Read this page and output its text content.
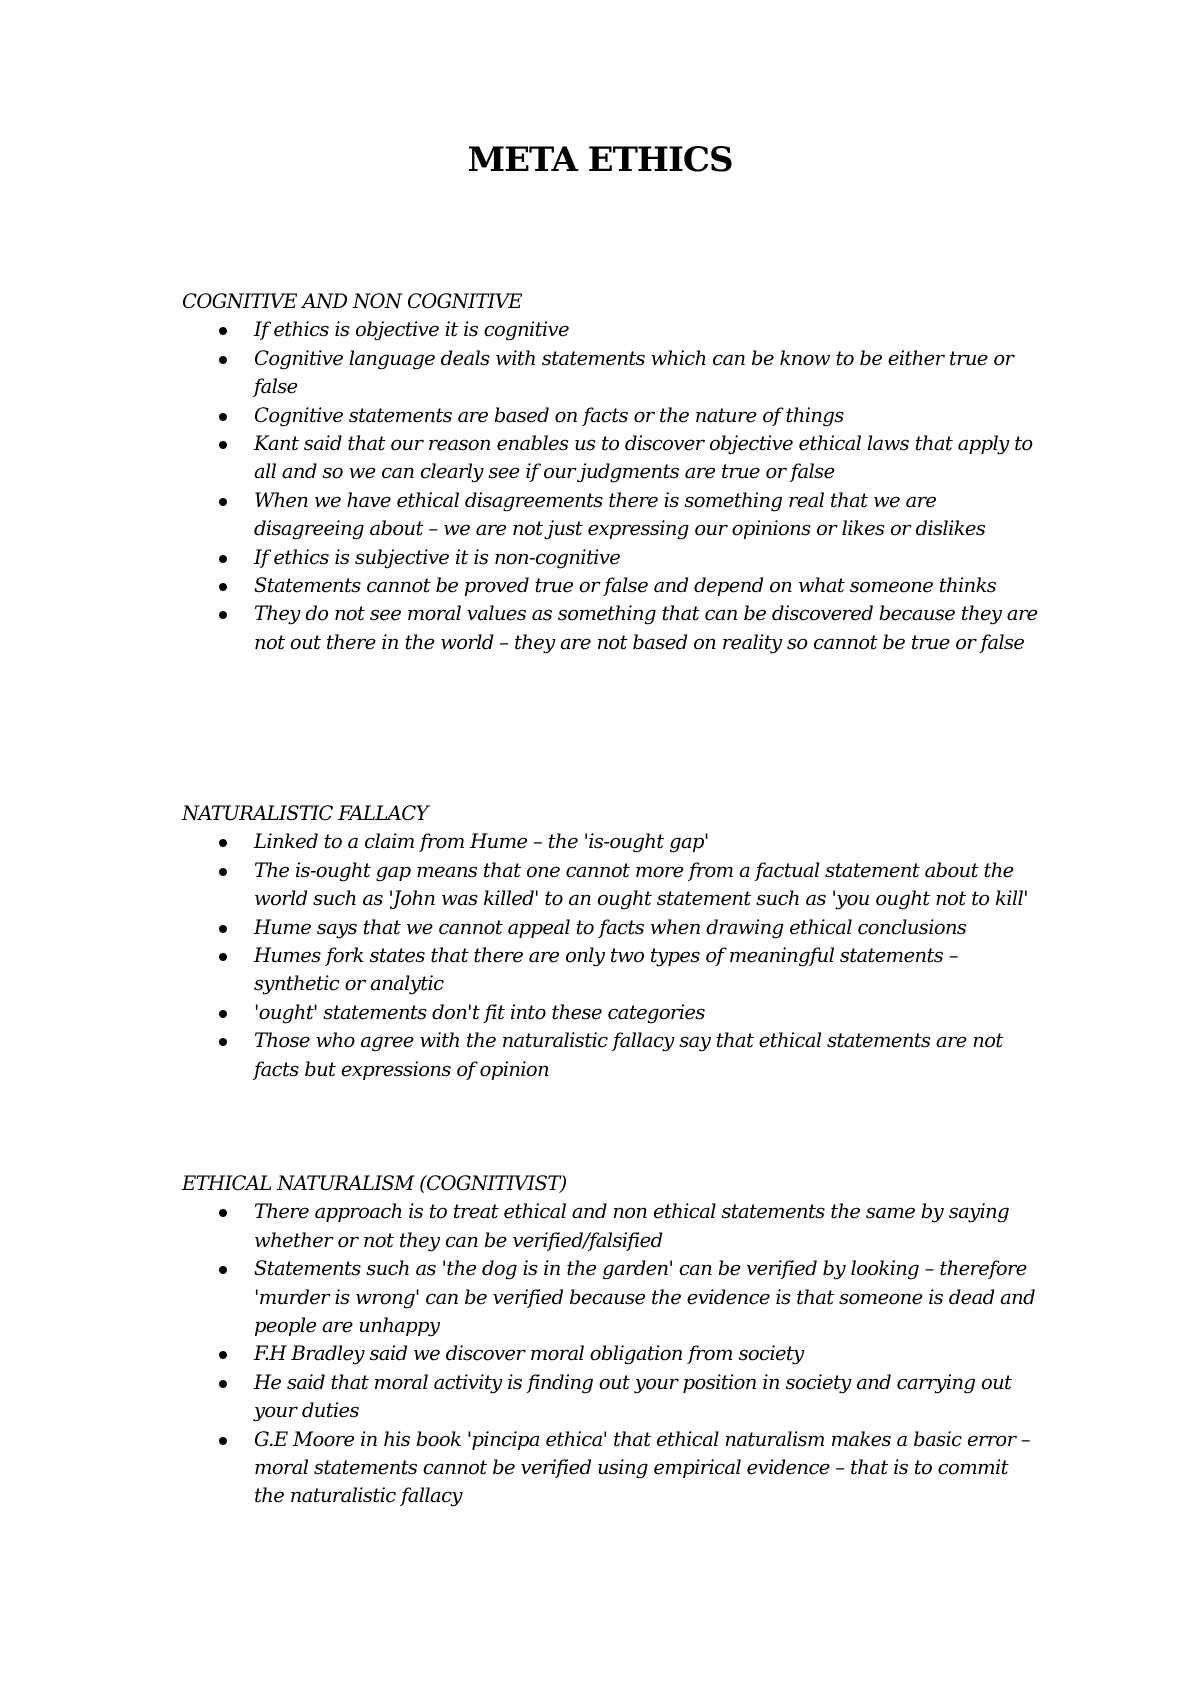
META ETHICS

COGNITIVE AND NON COGNITIVE

If ethics is objective it is cognitive
Cognitive language deals with statements which can be know to be either true or false
Cognitive statements are based on facts or the nature of things
Kant said that our reason enables us to discover objective ethical laws that apply to all and so we can clearly see if our judgments are true or false
When we have ethical disagreements there is something real that we are disagreeing about – we are not just expressing our opinions or likes or dislikes
If ethics is subjective it is non-cognitive
Statements cannot be proved true or false and depend on what someone thinks
They do not see moral values as something that can be discovered because they are not out there in the world – they are not based on reality so cannot be true or false

NATURALISTIC FALLACY

Linked to a claim from Hume – the 'is-ought gap'
The is-ought gap means that one cannot more from a factual statement about the world such as 'John was killed' to an ought statement such as 'you ought not to kill'
Hume says that we cannot appeal to facts when drawing ethical conclusions
Humes fork states that there are only two types of meaningful statements – synthetic or analytic
'ought' statements don't fit into these categories
Those who agree with the naturalistic fallacy say that ethical statements are not facts but expressions of opinion

ETHICAL NATURALISM (COGNITIVIST)

There approach is to treat ethical and non ethical statements the same by saying whether or not they can be verified/falsified
Statements such as 'the dog is in the garden' can be verified by looking – therefore 'murder is wrong' can be verified because the evidence is that someone is dead and people are unhappy
F.H Bradley said we discover moral obligation from society
He said that moral activity is finding out your position in society and carrying out your duties
G.E Moore in his book 'pincipa ethica' that ethical naturalism makes a basic error – moral statements cannot be verified using empirical evidence – that is to commit the naturalistic fallacy
